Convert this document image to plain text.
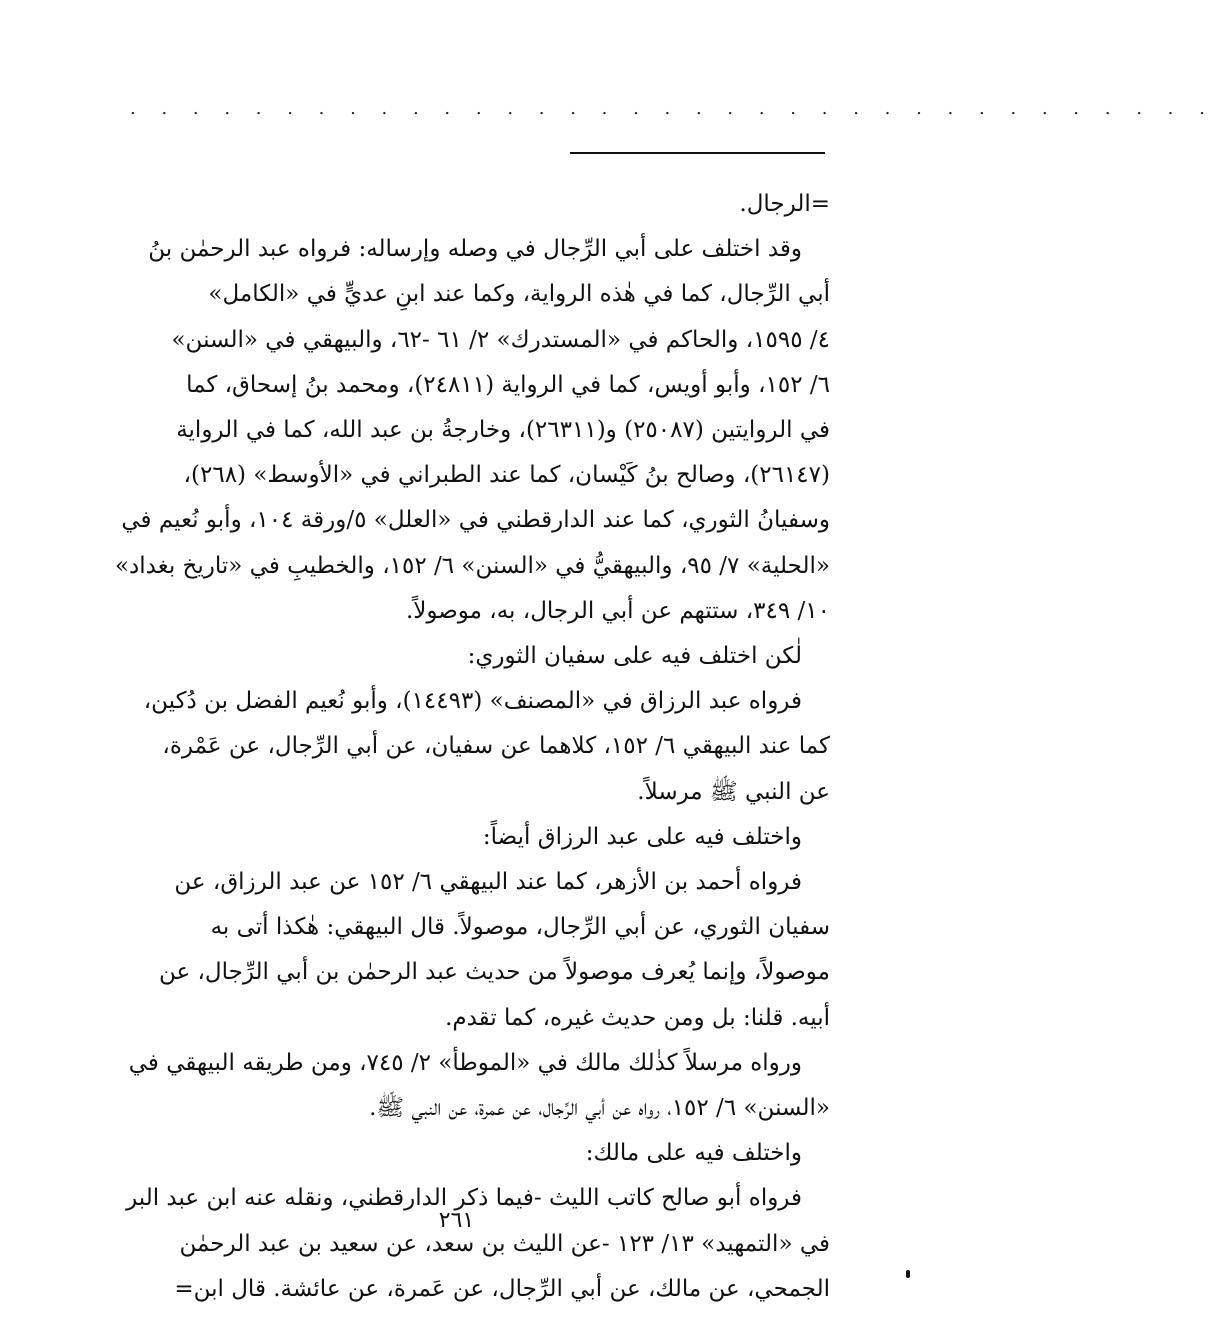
. . . . . . . . . . . . . . . . . . . . . . . . . . . . . . . . . . .
=الرجال.
وقد اختلف على أبي الرِّجال في وصله وإرساله: فرواه عبد الرحمٰن بنُ
أبي الرِّجال، كما في هٰذه الرواية، وكما عند ابنِ عديٍّ في «الكامل»
٤/ ١٥٩٥، والحاكم في «المستدرك» ٢/ ٦١ -٦٢، والبيهقي في «السنن»
٦/ ١٥٢، وأبو أويس، كما في الرواية (٢٤٨١١)، ومحمد بنُ إسحاق، كما
في الروايتين (٢٥٠٨٧) و(٢٦٣١١)، وخارجةُ بن عبد الله، كما في الرواية
(٢٦١٤٧)، وصالح بنُ كَيْسان، كما عند الطبراني في «الأوسط» (٢٦٨)،
وسفيانُ الثوري، كما عند الدارقطني في «العلل» ٥/ورقة ١٠٤، وأبو نُعيم في
«الحلية» ٧/ ٩٥، والبيهقيُّ في «السنن» ٦/ ١٥٢، والخطيبِ في «تاريخ بغداد»
١٠/ ٣٤٩، ستتهم عن أبي الرجال، به، موصولاً.
لٰكن اختلف فيه على سفيان الثوري:
فرواه عبد الرزاق في «المصنف» (١٤٤٩٣)، وأبو نُعيم الفضل بن دُكين،
كما عند البيهقي ٦/ ١٥٢، كلاهما عن سفيان، عن أبي الرِّجال، عن عَمْرة،
عن النبي ﷺ مرسلاً.
واختلف فيه على عبد الرزاق أيضاً:
فرواه أحمد بن الأزهر، كما عند البيهقي ٦/ ١٥٢ عن عبد الرزاق، عن
سفيان الثوري، عن أبي الرِّجال، موصولاً. قال البيهقي: هٰكذا أتى به
موصولاً، وإنما يُعرف موصولاً من حديث عبد الرحمٰن بن أبي الرِّجال، عن
أبيه. قلنا: بل ومن حديث غيره، كما تقدم.
ورواه مرسلاً كذٰلك مالك في «الموطأ» ٢/ ٧٤٥، ومن طريقه البيهقي في
«السنن» ٦/ ١٥٢، رواه عن أبي الرِّجال، عن عمرة، عن النبي ﷺ.
واختلف فيه على مالك:
فرواه أبو صالح كاتب الليث -فيما ذكر الدارقطني، ونقله عنه ابن عبد البر
في «التمهيد» ١٣/ ١٢٣ -عن الليث بن سعد، عن سعيد بن عبد الرحمٰن
الجمحي، عن مالك، عن أبي الرِّجال، عن عَمرة، عن عائشة. قال ابن=
٢٦١
